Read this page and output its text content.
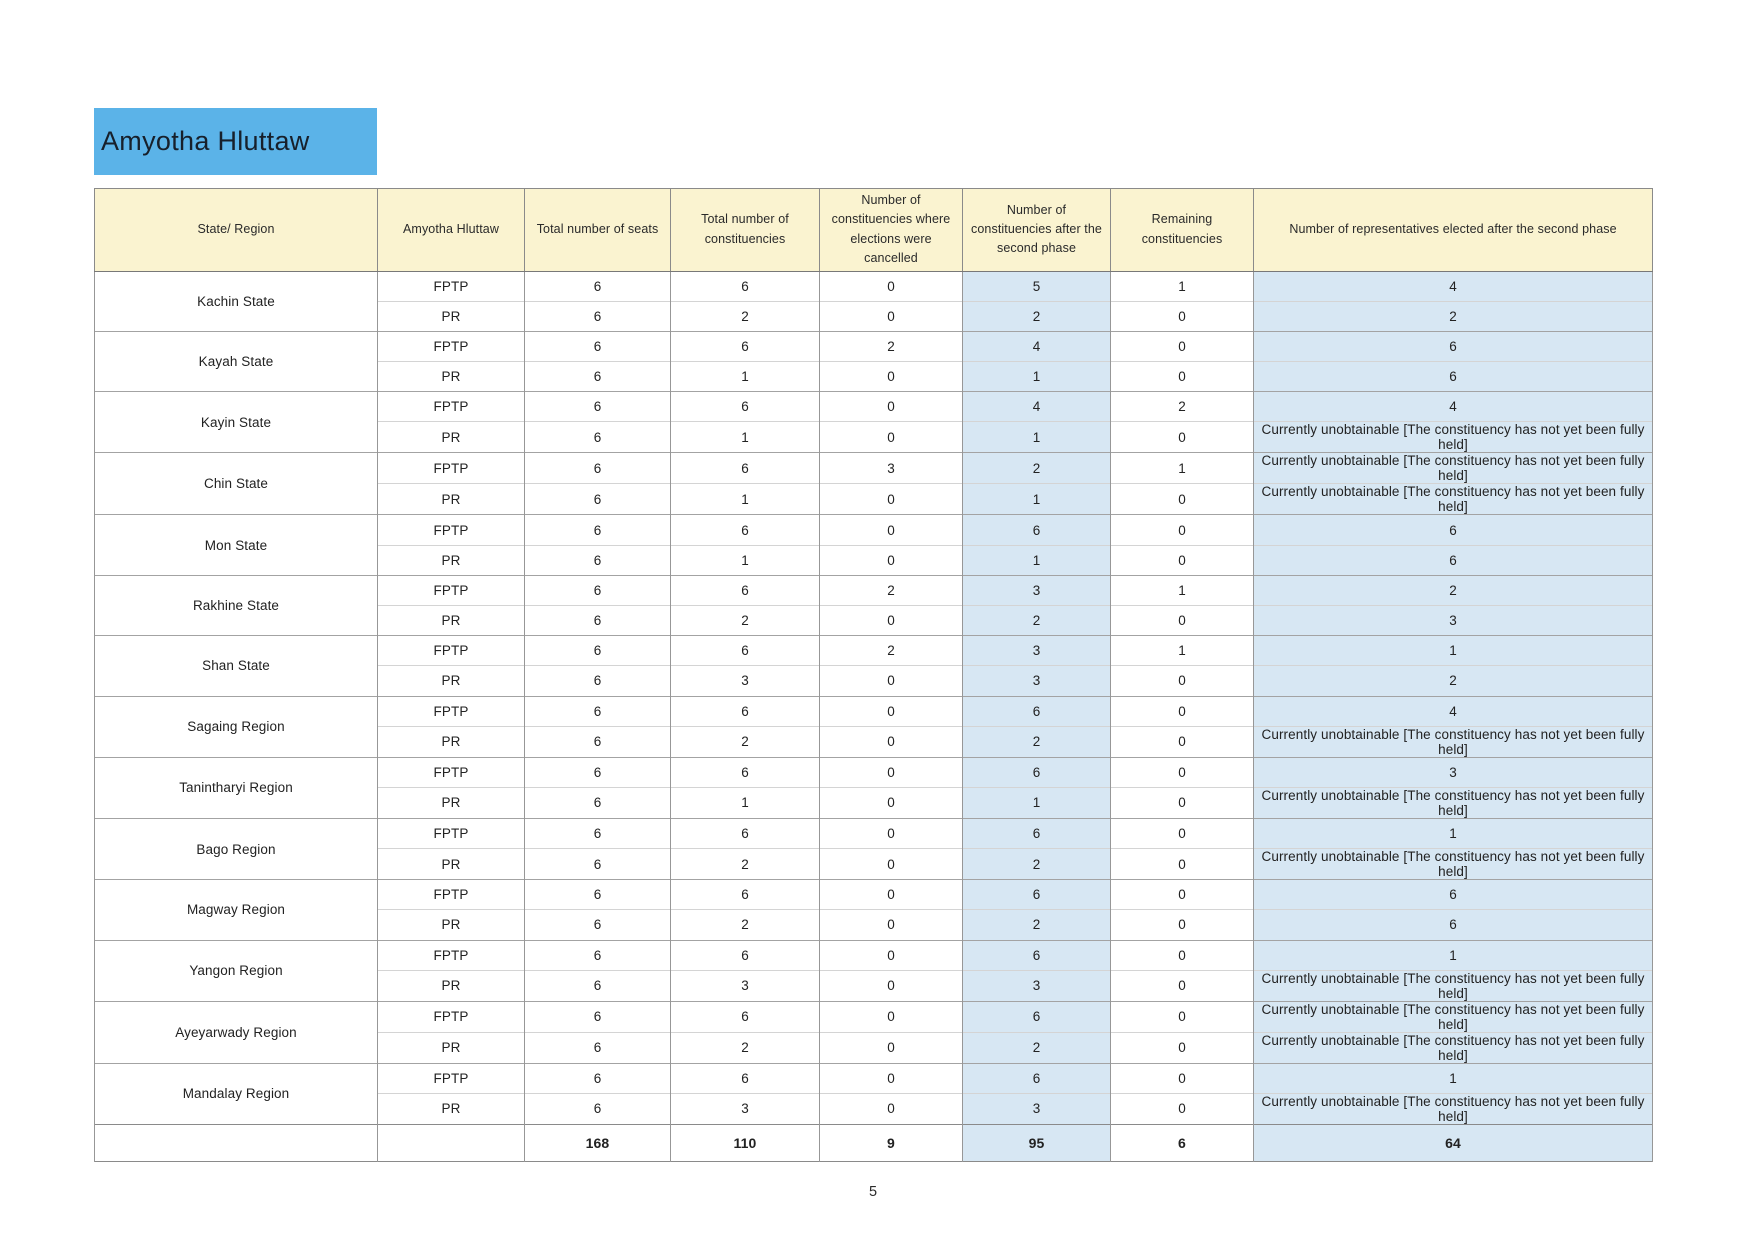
Amyotha Hluttaw
State/ Region	Amyotha Hluttaw	Total number of seats	Total number of constituencies	Number of constituencies where elections were cancelled	Number of constituencies after the second phase	Remaining constituencies	Number of representatives elected after the second phase
Kachin State	FPTP	6	6	0	5	1	4
	PR	6	2	0	2	0	2
Kayah State	FPTP	6	6	2	4	0	6
	PR	6	1	0	1	0	6
Kayin State	FPTP	6	6	0	4	2	4
	PR	6	1	0	1	0	Currently unobtainable [The constituency has not yet been fully held]
Chin State	FPTP	6	6	3	2	1	Currently unobtainable [The constituency has not yet been fully held]
	PR	6	1	0	1	0	Currently unobtainable [The constituency has not yet been fully held]
Mon State	FPTP	6	6	0	6	0	6
	PR	6	1	0	1	0	6
Rakhine State	FPTP	6	6	2	3	1	2
	PR	6	2	0	2	0	3
Shan State	FPTP	6	6	2	3	1	1
	PR	6	3	0	3	0	2
Sagaing Region	FPTP	6	6	0	6	0	4
	PR	6	2	0	2	0	Currently unobtainable [The constituency has not yet been fully held]
Tanintharyi Region	FPTP	6	6	0	6	0	3
	PR	6	1	0	1	0	Currently unobtainable [The constituency has not yet been fully held]
Bago Region	FPTP	6	6	0	6	0	1
	PR	6	2	0	2	0	Currently unobtainable [The constituency has not yet been fully held]
Magway Region	FPTP	6	6	0	6	0	6
	PR	6	2	0	2	0	6
Yangon Region	FPTP	6	6	0	6	0	1
	PR	6	3	0	3	0	Currently unobtainable [The constituency has not yet been fully held]
Ayeyarwady Region	FPTP	6	6	0	6	0	Currently unobtainable [The constituency has not yet been fully held]
	PR	6	2	0	2	0	Currently unobtainable [The constituency has not yet been fully held]
Mandalay Region	FPTP	6	6	0	6	0	1
	PR	6	3	0	3	0	Currently unobtainable [The constituency has not yet been fully held]
		168	110	9	95	6	64
5
